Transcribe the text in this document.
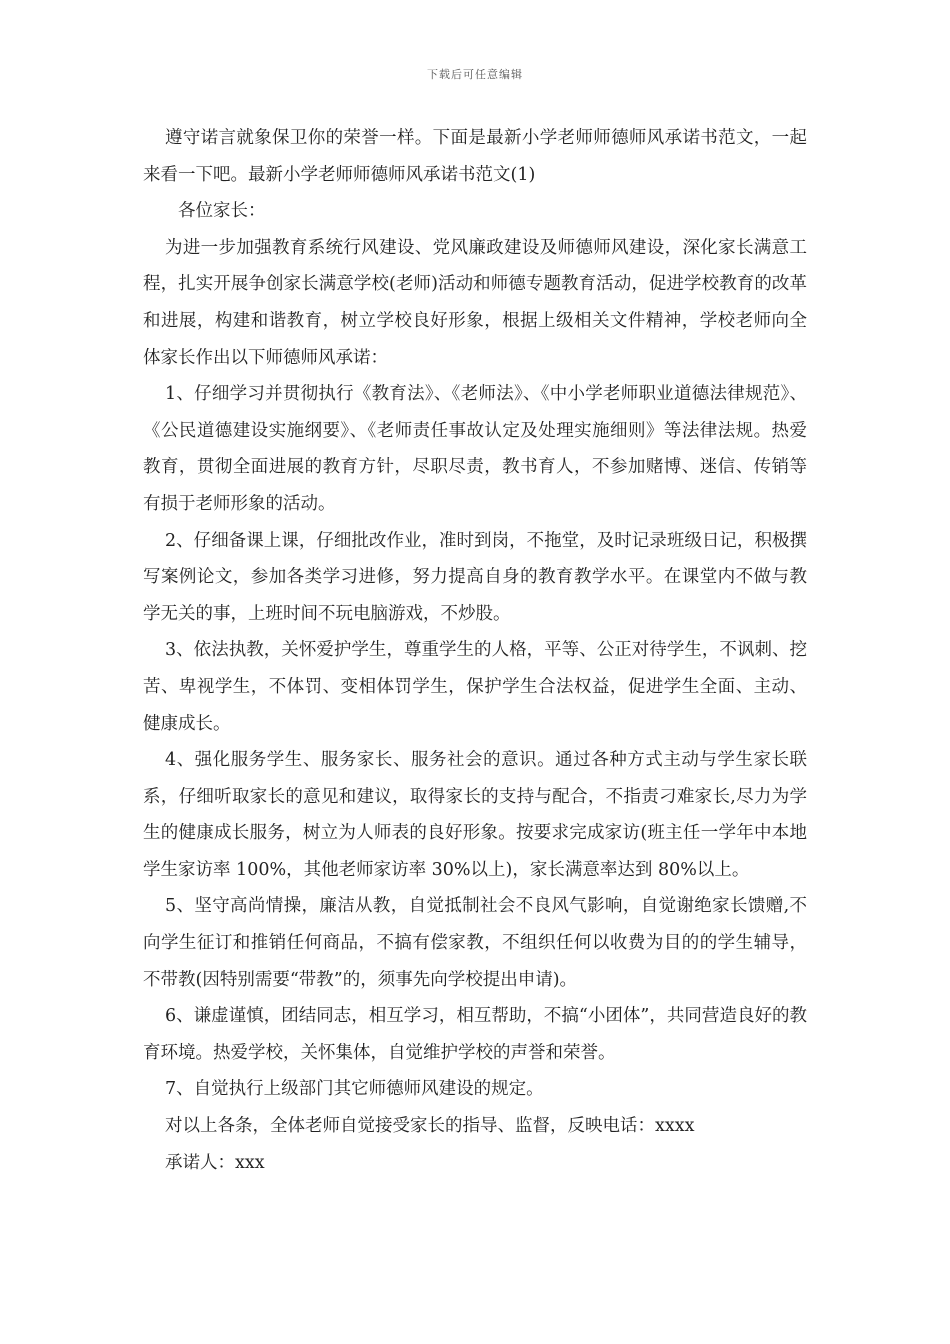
下载后可任意编辑

遵守诺言就象保卫你的荣誉一样。下面是最新小学老师师德师风承诺书范文，一起来看一下吧。最新小学老师师德师风承诺书范文(1)

各位家长：

为进一步加强教育系统行风建设、党风廉政建设及师德师风建设，深化家长满意工程，扎实开展争创家长满意学校(老师)活动和师德专题教育活动，促进学校教育的改革和进展，构建和谐教育，树立学校良好形象，根据上级相关文件精神，学校老师向全体家长作出以下师德师风承诺：

1、仔细学习并贯彻执行《教育法》、《老师法》、《中小学老师职业道德法律规范》、《公民道德建设实施纲要》、《老师责任事故认定及处理实施细则》等法律法规。热爱教育，贯彻全面进展的教育方针，尽职尽责，教书育人，不参加赌博、迷信、传销等有损于老师形象的活动。

2、仔细备课上课，仔细批改作业，准时到岗，不拖堂，及时记录班级日记，积极撰写案例论文，参加各类学习进修，努力提高自身的教育教学水平。在课堂内不做与教学无关的事，上班时间不玩电脑游戏，不炒股。

3、依法执教，关怀爱护学生，尊重学生的人格，平等、公正对待学生，不讽刺、挖苦、卑视学生，不体罚、变相体罚学生，保护学生合法权益，促进学生全面、主动、健康成长。

4、强化服务学生、服务家长、服务社会的意识。通过各种方式主动与学生家长联系，仔细听取家长的意见和建议，取得家长的支持与配合，不指责刁难家长,尽力为学生的健康成长服务，树立为人师表的良好形象。按要求完成家访(班主任一学年中本地学生家访率 100%，其他老师家访率 30%以上)，家长满意率达到 80%以上。

5、坚守高尚情操，廉洁从教，自觉抵制社会不良风气影响，自觉谢绝家长馈赠,不向学生征订和推销任何商品，不搞有偿家教，不组织任何以收费为目的的学生辅导，不带教(因特别需要“带教”的，须事先向学校提出申请)。

6、谦虚谨慎，团结同志，相互学习，相互帮助，不搞“小团体”，共同营造良好的教育环境。热爱学校，关怀集体，自觉维护学校的声誉和荣誉。

7、自觉执行上级部门其它师德师风建设的规定。

对以上各条，全体老师自觉接受家长的指导、监督，反映电话：xxxx

承诺人：xxx
